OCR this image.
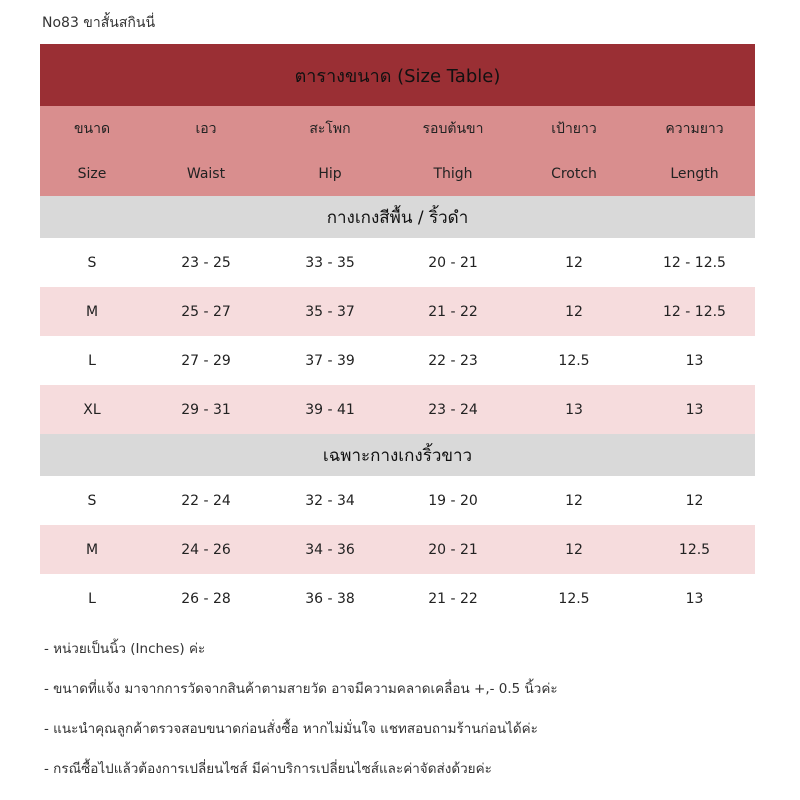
No83 ขาสั้นสกินนี่
ตารางขนาด (Size Table)
ขนาด	เอว	สะโพก	รอบต้นขา	เป้ายาว	ความยาว
Size	Waist	Hip	Thigh	Crotch	Length
กางเกงสีพื้น / ริ้วดำ
S	23 - 25	33 - 35	20 - 21	12	12 - 12.5
M	25 - 27	35 - 37	21 - 22	12	12 - 12.5
L	27 - 29	37 - 39	22 - 23	12.5	13
XL	29 - 31	39 - 41	23 - 24	13	13
เฉพาะกางเกงริ้วขาว
S	22 - 24	32 - 34	19 - 20	12	12
M	24 - 26	34 - 36	20 - 21	12	12.5
L	26 - 28	36 - 38	21 - 22	12.5	13
- หน่วยเป็นนิ้ว (Inches) ค่ะ
- ขนาดที่แจ้ง มาจากการวัดจากสินค้าตามสายวัด อาจมีความคลาดเคลื่อน +,- 0.5 นิ้วค่ะ
- แนะนำคุณลูกค้าตรวจสอบขนาดก่อนสั่งซื้อ หากไม่มั่นใจ แชทสอบถามร้านก่อนได้ค่ะ
- กรณีซื้อไปแล้วต้องการเปลี่ยนไซส์ มีค่าบริการเปลี่ยนไซส์และค่าจัดส่งด้วยค่ะ
